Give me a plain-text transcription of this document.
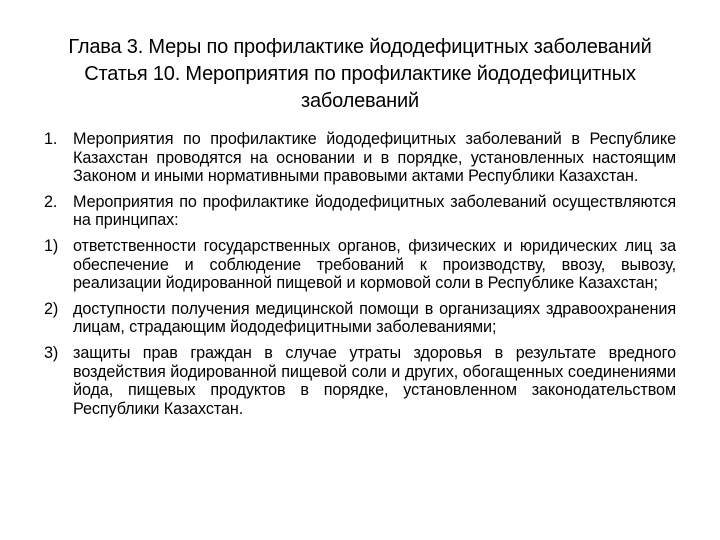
Глава 3. Меры по профилактике йододефицитных заболеваний
Статья 10. Мероприятия по профилактике йододефицитных
заболеваний
1. Мероприятия по профилактике йододефицитных заболеваний в Республике Казахстан проводятся на основании и в порядке, установленных настоящим Законом и иными нормативными правовыми актами Республики Казахстан.
2. Мероприятия по профилактике йододефицитных заболеваний осуществляются на принципах:
1) ответственности государственных органов, физических и юридических лиц за обеспечение и соблюдение требований к производству, ввозу, вывозу, реализации йодированной пищевой и кормовой соли в Республике Казахстан;
2) доступности получения медицинской помощи в организациях здравоохранения лицам, страдающим йододефицитными заболеваниями;
3) защиты прав граждан в случае утраты здоровья в результате вредного воздействия йодированной пищевой соли и других, обогащенных соединениями йода, пищевых продуктов в порядке, установленном законодательством Республики Казахстан.
